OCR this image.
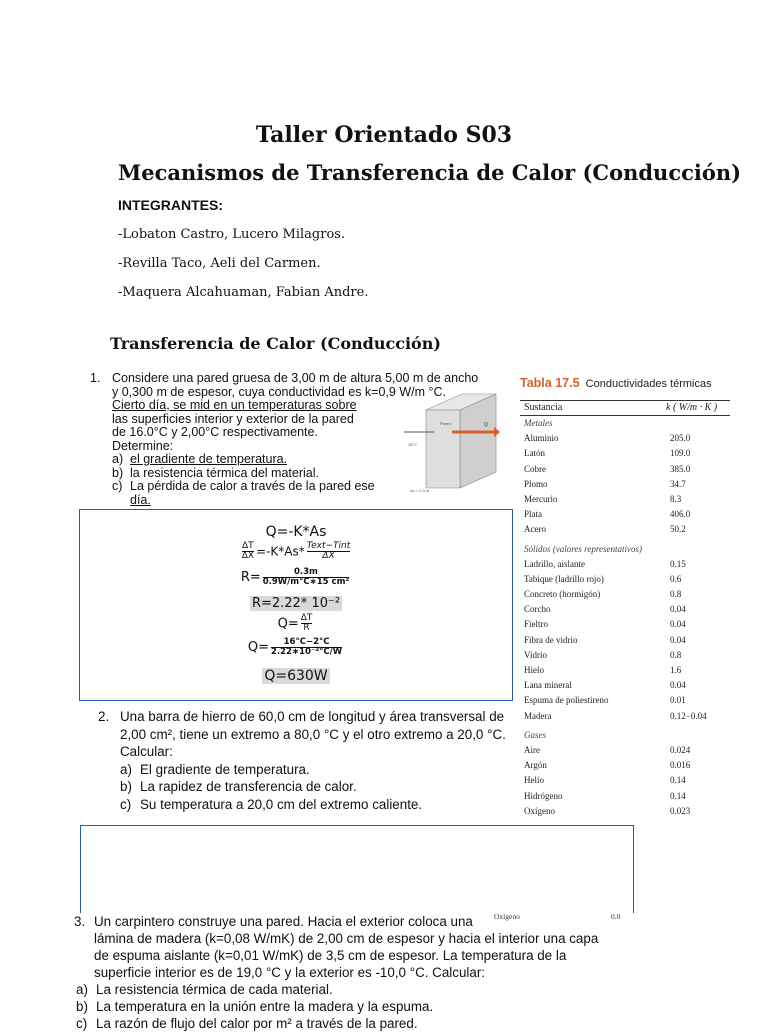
Taller Orientado S03
Mecanismos de Transferencia de Calor (Conducción)
INTEGRANTES:
-Lobaton Castro, Lucero Milagros.
-Revilla Taco, Aeli del Carmen.
-Maquera Alcahuaman, Fabian Andre.
Transferencia de Calor (Conducción)
1. Considere una pared gruesa de 3,00 m de altura 5,00 m de ancho
y 0,300 m de espesor, cuya conductividad es k=0,9 W/m °C.
Cierto día, se mid en un temperaturas sobre
las superficies interior y exterior de la pared
de 16.0°C y 2,00°C respectivamente.
Determine:
a) el gradiente de temperatura.
b) la resistencia térmica del material.
c) La pérdida de calor a través de la pared ese
día.
Pared	Q
16°C
Δx = 0.3 m
Q=-K*As
$\frac{\Delta T}{\Delta X} =-K*As* \frac{\text{Text−Tint}}{\Delta X}$
$R= \frac{0.3m}{\text{0.9W/m°C∗15 cm²}}$
R=2.22* 10⁻²
$Q= \frac{\Delta T}{R}$
$Q= \frac{16^\circ C-2^\circ C}{\text{2.22∗10⁻²°C/W}}$
Q=630W
2. Una barra de hierro de 60,0 cm de longitud y área transversal de
2,00 cm², tiene un extremo a 80,0 °C y el otro extremo a 20,0 °C.
Calcular:
a) El gradiente de temperatura.
b) La rapidez de transferencia de calor.
c) Su temperatura a 20,0 cm del extremo caliente.
3. Un carpintero construye una pared. Hacia el exterior coloca una
lámina de madera (k=0,08 W/mK) de 2,00 cm de espesor y hacia el interior una capa
de espuma aislante (k=0,01 W/mK) de 3,5 cm de espesor. La temperatura de la
superficie interior es de 19,0 °C y la exterior es -10,0 °C. Calcular:
a) La resistencia térmica de cada material.
b) La temperatura en la unión entre la madera y la espuma.
c) La razón de flujo del calor por m² a través de la pared.
Oxígeno	0.0
Tabla 17.5 Conductividades térmicas
Sustancia	k ( W/m · K )
Metales
Aluminio	205.0
Latón	109.0
Cobre	385.0
Plomo	34.7
Mercurio	8.3
Plata	406.0
Acero	50.2
Sólidos (valores representativos)
Ladrillo, aislante	0.15
Tabique (ladrillo rojo)	0.6
Concreto (hormigón)	0.8
Corcho	0.04
Fieltro	0.04
Fibra de vidrio	0.04
Vidrio	0.8
Hielo	1.6
Lana mineral	0.04
Espuma de poliestireno	0.01
Madera	0.12−0.04
Gases
Aire	0.024
Argón	0.016
Helio	0.14
Hidrógeno	0.14
Oxígeno	0.023
